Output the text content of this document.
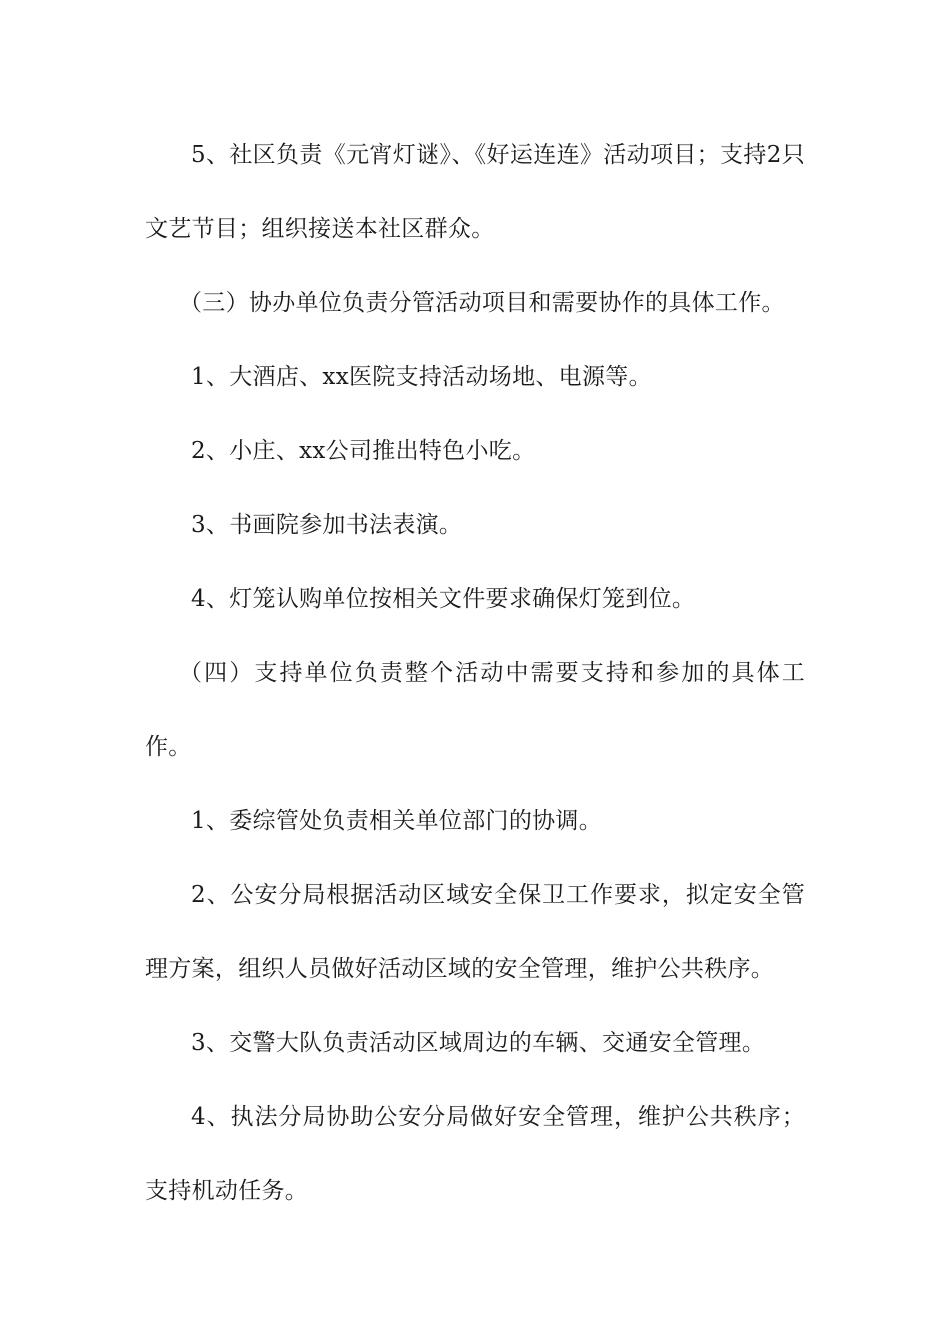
5、社区负责《元宵灯谜》、《好运连连》活动项目；支持2只文艺节目；组织接送本社区群众。

（三）协办单位负责分管活动项目和需要协作的具体工作。

1、大酒店、xx医院支持活动场地、电源等。

2、小庄、xx公司推出特色小吃。

3、书画院参加书法表演。

4、灯笼认购单位按相关文件要求确保灯笼到位。

（四）支持单位负责整个活动中需要支持和参加的具体工作。

1、委综管处负责相关单位部门的协调。

2、公安分局根据活动区域安全保卫工作要求，拟定安全管理方案，组织人员做好活动区域的安全管理，维护公共秩序。

3、交警大队负责活动区域周边的车辆、交通安全管理。

4、执法分局协助公安分局做好安全管理，维护公共秩序；支持机动任务。
